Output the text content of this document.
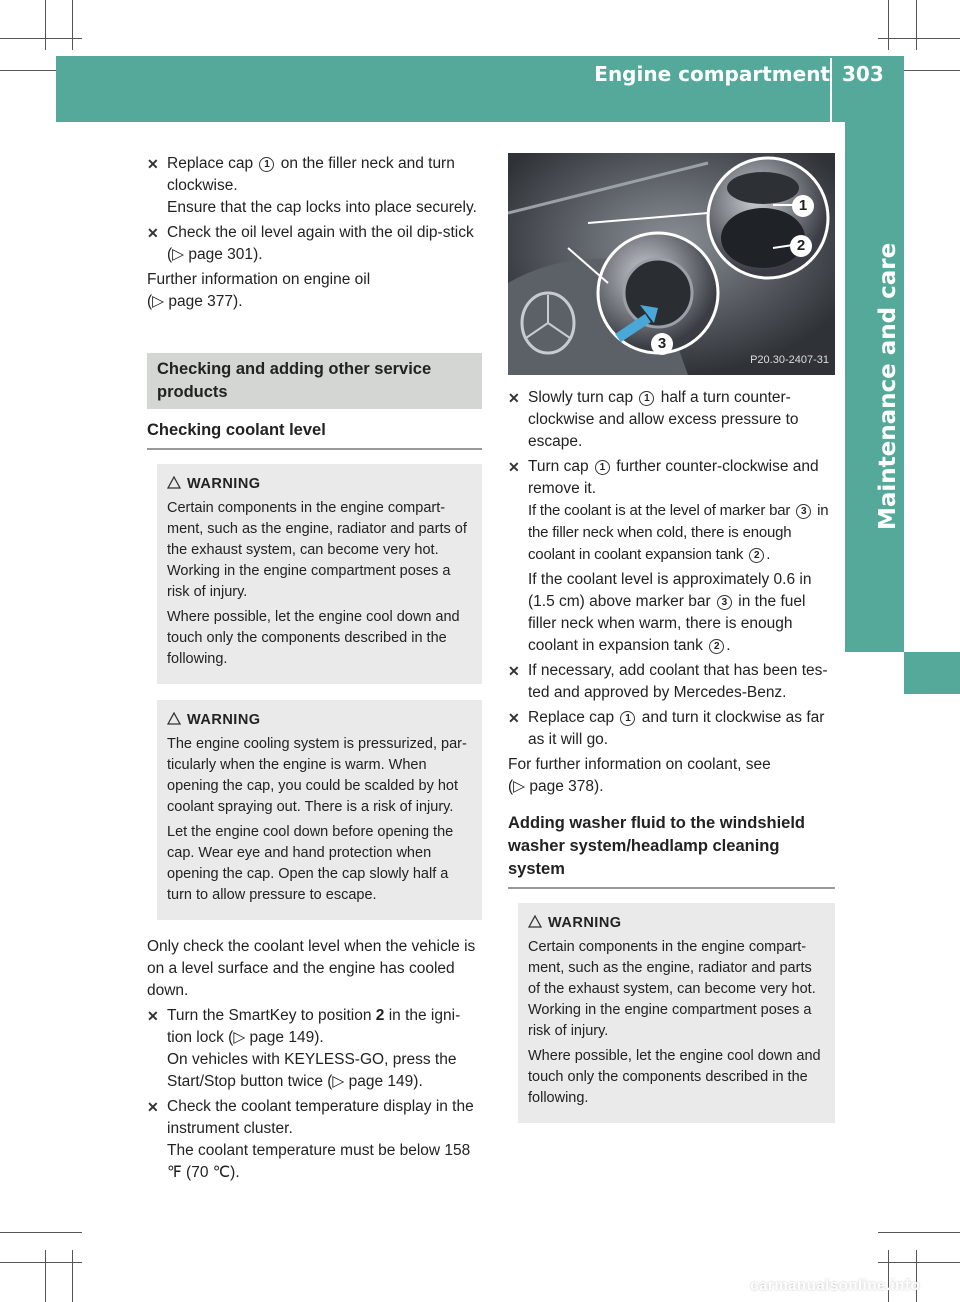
Engine compartment 303
Maintenance and care
✕ Replace cap 1 on the filler neck and turn clockwise.
Ensure that the cap locks into place securely.
✕ Check the oil level again with the oil dip-stick (▷ page 301).
Further information on engine oil
(▷ page 377).
Checking and adding other service products
Checking coolant level
WARNING

Certain components in the engine compart-ment, such as the engine, radiator and parts of the exhaust system, can become very hot. Working in the engine compartment poses a risk of injury.

Where possible, let the engine cool down and touch only the components described in the following.

WARNING

The engine cooling system is pressurized, par-ticularly when the engine is warm. When opening the cap, you could be scalded by hot coolant spraying out. There is a risk of injury.

Let the engine cool down before opening the cap. Wear eye and hand protection when opening the cap. Open the cap slowly half a turn to allow pressure to escape.

Only check the coolant level when the vehicle is on a level surface and the engine has cooled down.
✕ Turn the SmartKey to position 2 in the igni-tion lock (▷ page 149).
On vehicles with KEYLESS-GO, press the Start/Stop button twice (▷ page 149).
✕ Check the coolant temperature display in the instrument cluster.
The coolant temperature must be below 158 ℉ (70 ℃).
1
2
3
P20.30-2407-31
✕ Slowly turn cap 1 half a turn counter-clockwise and allow excess pressure to escape.
✕ Turn cap 1 further counter-clockwise and remove it.
If the coolant is at the level of marker bar 3 in the filler neck when cold, there is enough coolant in coolant expansion tank 2 .
If the coolant level is approximately 0.6 in (1.5 cm) above marker bar 3 in the fuel filler neck when warm, there is enough coolant in expansion tank 2 .
✕ If necessary, add coolant that has been tes-ted and approved by Mercedes-Benz.
✕ Replace cap 1 and turn it clockwise as far as it will go.
For further information on coolant, see
(▷ page 378).
Adding washer fluid to the windshield washer system/headlamp cleaning system
WARNING

Certain components in the engine compart-ment, such as the engine, radiator and parts of the exhaust system, can become very hot. Working in the engine compartment poses a risk of injury.

Where possible, let the engine cool down and touch only the components described in the following.

carmanualsonline.info
